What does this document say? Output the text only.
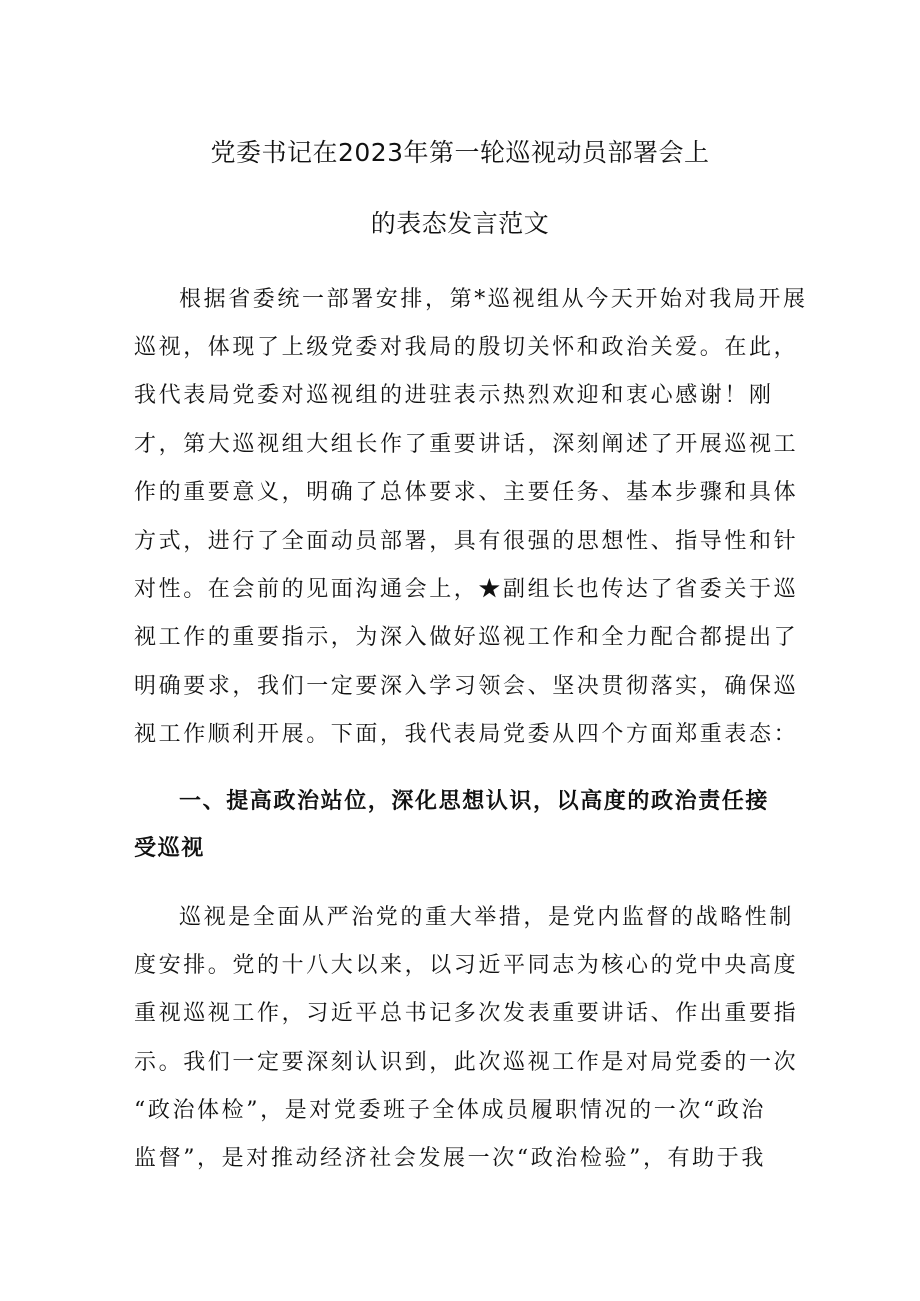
党委书记在2023年第一轮巡视动员部署会上
的表态发言范文
根据省委统一部署安排，第*巡视组从今天开始对我局开展
巡视，体现了上级党委对我局的殷切关怀和政治关爱。在此，
我代表局党委对巡视组的进驻表示热烈欢迎和衷心感谢！刚
才，第大巡视组大组长作了重要讲话，深刻阐述了开展巡视工
作的重要意义，明确了总体要求、主要任务、基本步骤和具体
方式，进行了全面动员部署，具有很强的思想性、指导性和针
对性。在会前的见面沟通会上，★副组长也传达了省委关于巡
视工作的重要指示，为深入做好巡视工作和全力配合都提出了
明确要求，我们一定要深入学习领会、坚决贯彻落实，确保巡
视工作顺利开展。下面，我代表局党委从四个方面郑重表态：
一、提高政治站位，深化思想认识，以高度的政治责任接
受巡视
巡视是全面从严治党的重大举措，是党内监督的战略性制
度安排。党的十八大以来，以习近平同志为核心的党中央高度
重视巡视工作，习近平总书记多次发表重要讲话、作出重要指
示。我们一定要深刻认识到，此次巡视工作是对局党委的一次
“政治体检”，是对党委班子全体成员履职情况的一次“政治
监督”，是对推动经济社会发展一次“政治检验”，有助于我
